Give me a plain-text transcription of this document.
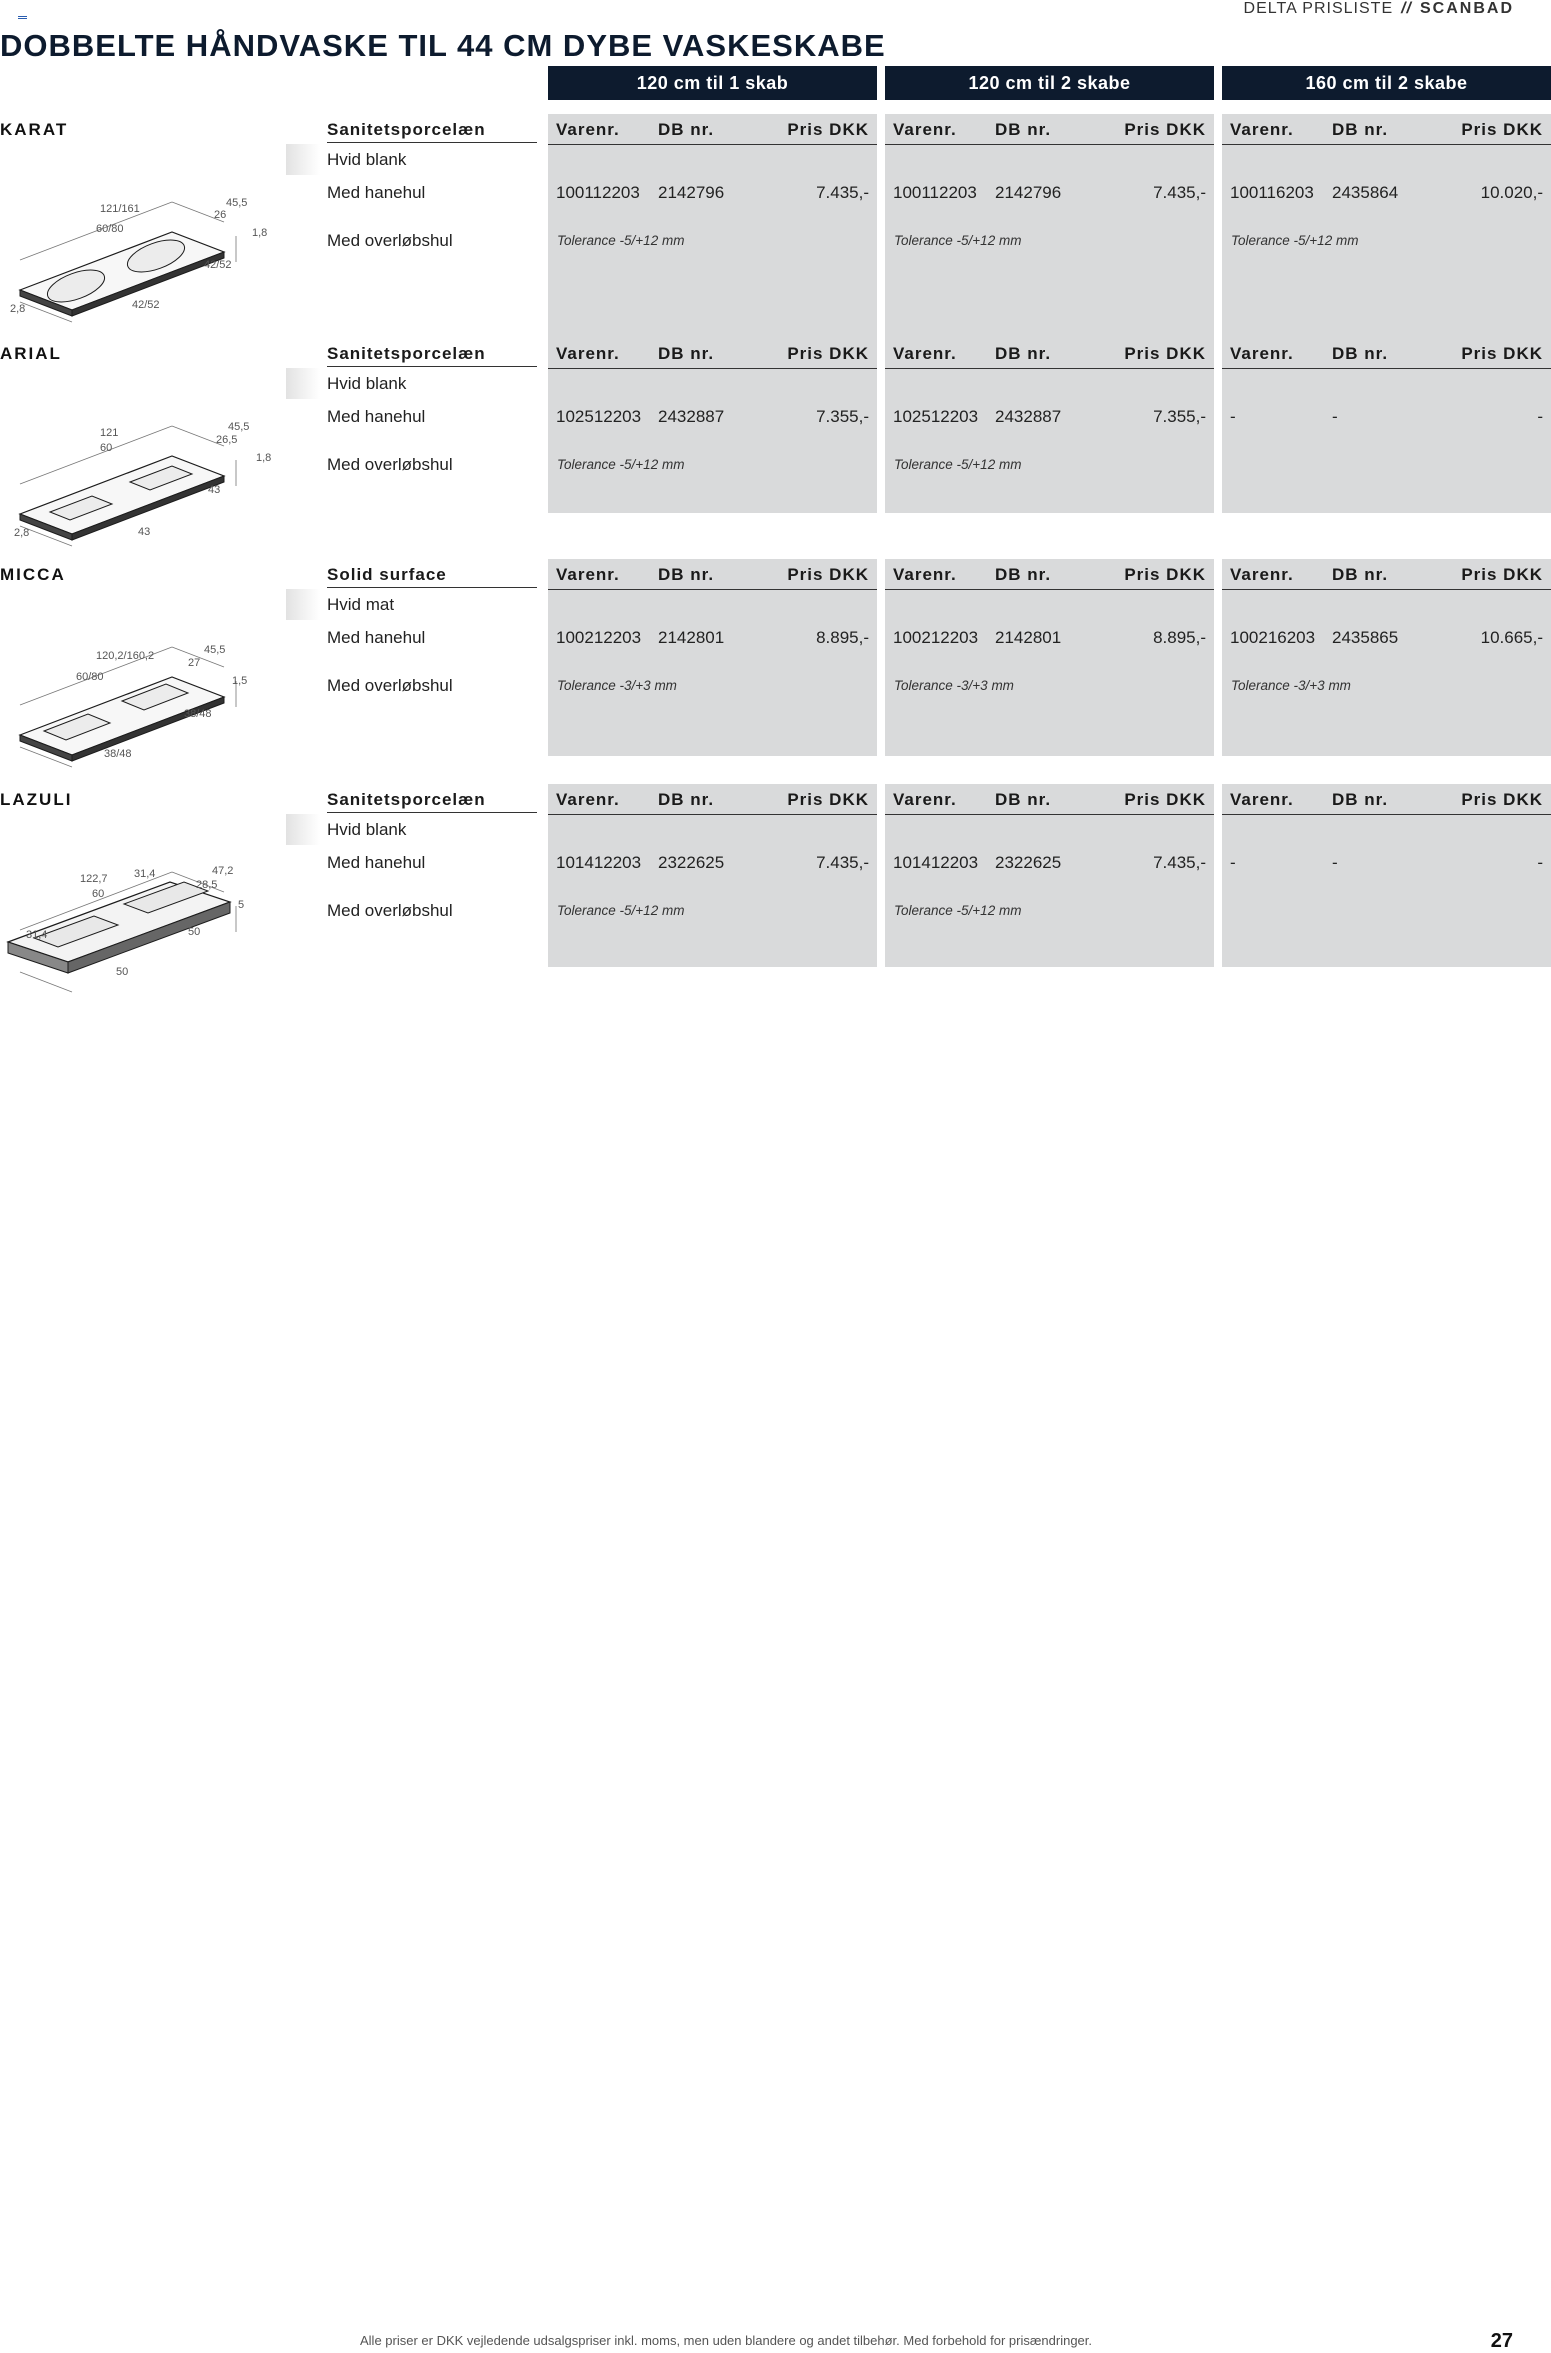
DELTA PRISLISTE // SCANBAD
DOBBELTE HÅNDVASKE TIL 44 CM DYBE VASKESKABE
120 cm til 1 skab	120 cm til 2 skabe	160 cm til 2 skabe
KARAT
121/161
60/80
45,5
26
1,8
42/52
2,8	42/52
Sanitetsporcelæn
Hvid blank
Med hanehul
Med overløbshul
Varenr. DB nr.	Pris DKK
100112203 2142796	7.435,-
Tolerance -5/+12 mm
Varenr. DB nr.	Pris DKK
100112203 2142796	7.435,-
Tolerance -5/+12 mm
Varenr. DB nr.	Pris DKK
100116203 2435864	10.020,-
Tolerance -5/+12 mm
ARIAL
121
60
45,5
26,5
1,8
43
2,8	43
Sanitetsporcelæn
Hvid blank
Med hanehul
Med overløbshul
Varenr. DB nr.	Pris DKK
102512203 2432887	7.355,-
Tolerance -5/+12 mm
Varenr. DB nr.	Pris DKK
102512203 2432887	7.355,-
Tolerance -5/+12 mm
Varenr. DB nr.	Pris DKK
-	-	-
MICCA
120,2/160,2
60/80
45,5
27
1,5
38/48
38/48
Solid surface
Hvid mat
Med hanehul
Med overløbshul
Varenr. DB nr.	Pris DKK
100212203 2142801	8.895,-
Tolerance -3/+3 mm
Varenr. DB nr.	Pris DKK
100212203 2142801	8.895,-
Tolerance -3/+3 mm
Varenr. DB nr.	Pris DKK
100216203 2435865	10.665,-
Tolerance -3/+3 mm
LAZULI
122,7
60
31,4	47,2
28,5
5
31,4	50
50
Sanitetsporcelæn
Hvid blank
Med hanehul
Med overløbshul
Varenr. DB nr.	Pris DKK
101412203 2322625	7.435,-
Tolerance -5/+12 mm
Varenr. DB nr.	Pris DKK
101412203 2322625	7.435,-
Tolerance -5/+12 mm
Varenr. DB nr.	Pris DKK
-	-	-
Alle priser er DKK vejledende udsalgspriser inkl. moms, men uden blandere og andet tilbehør. Med forbehold for prisændringer.	27
